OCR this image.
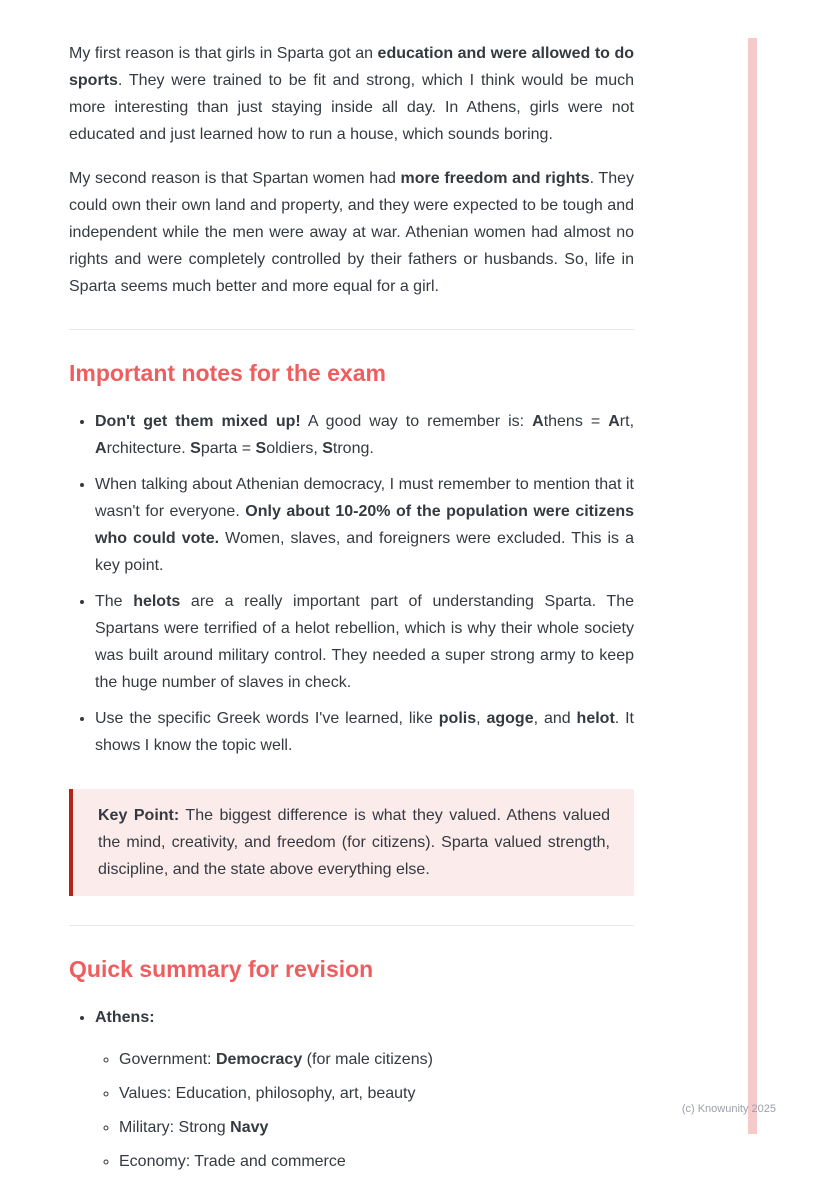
My first reason is that girls in Sparta got an education and were allowed to do sports. They were trained to be fit and strong, which I think would be much more interesting than just staying inside all day. In Athens, girls were not educated and just learned how to run a house, which sounds boring.

My second reason is that Spartan women had more freedom and rights. They could own their own land and property, and they were expected to be tough and independent while the men were away at war. Athenian women had almost no rights and were completely controlled by their fathers or husbands. So, life in Sparta seems much better and more equal for a girl.

Important notes for the exam
• Don't get them mixed up! A good way to remember is: Athens = Art, Architecture. Sparta = Soldiers, Strong.
• When talking about Athenian democracy, I must remember to mention that it wasn't for everyone. Only about 10-20% of the population were citizens who could vote. Women, slaves, and foreigners were excluded. This is a key point.
• The helots are a really important part of understanding Sparta. The Spartans were terrified of a helot rebellion, which is why their whole society was built around military control. They needed a super strong army to keep the huge number of slaves in check.
• Use the specific Greek words I've learned, like polis, agoge, and helot. It shows I know the topic well.

Key Point: The biggest difference is what they valued. Athens valued the mind, creativity, and freedom (for citizens). Sparta valued strength, discipline, and the state above everything else.

Quick summary for revision
• Athens:
◦ Government: Democracy (for male citizens)
◦ Values: Education, philosophy, art, beauty
◦ Military: Strong Navy
◦ Economy: Trade and commerce
(c) Knowunity 2025
